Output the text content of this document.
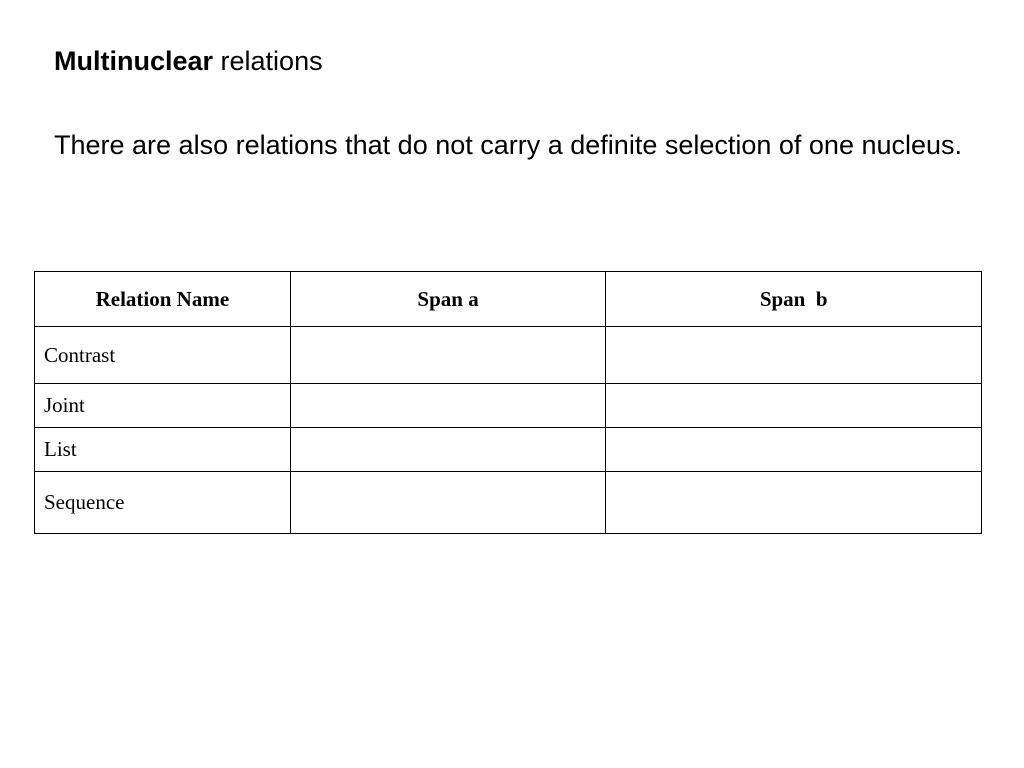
Multinuclear relations

There are also relations that do not carry a definite selection of one nucleus.

Relation Name	Span a	Span  b
Contrast		
Joint		
List		
Sequence		
